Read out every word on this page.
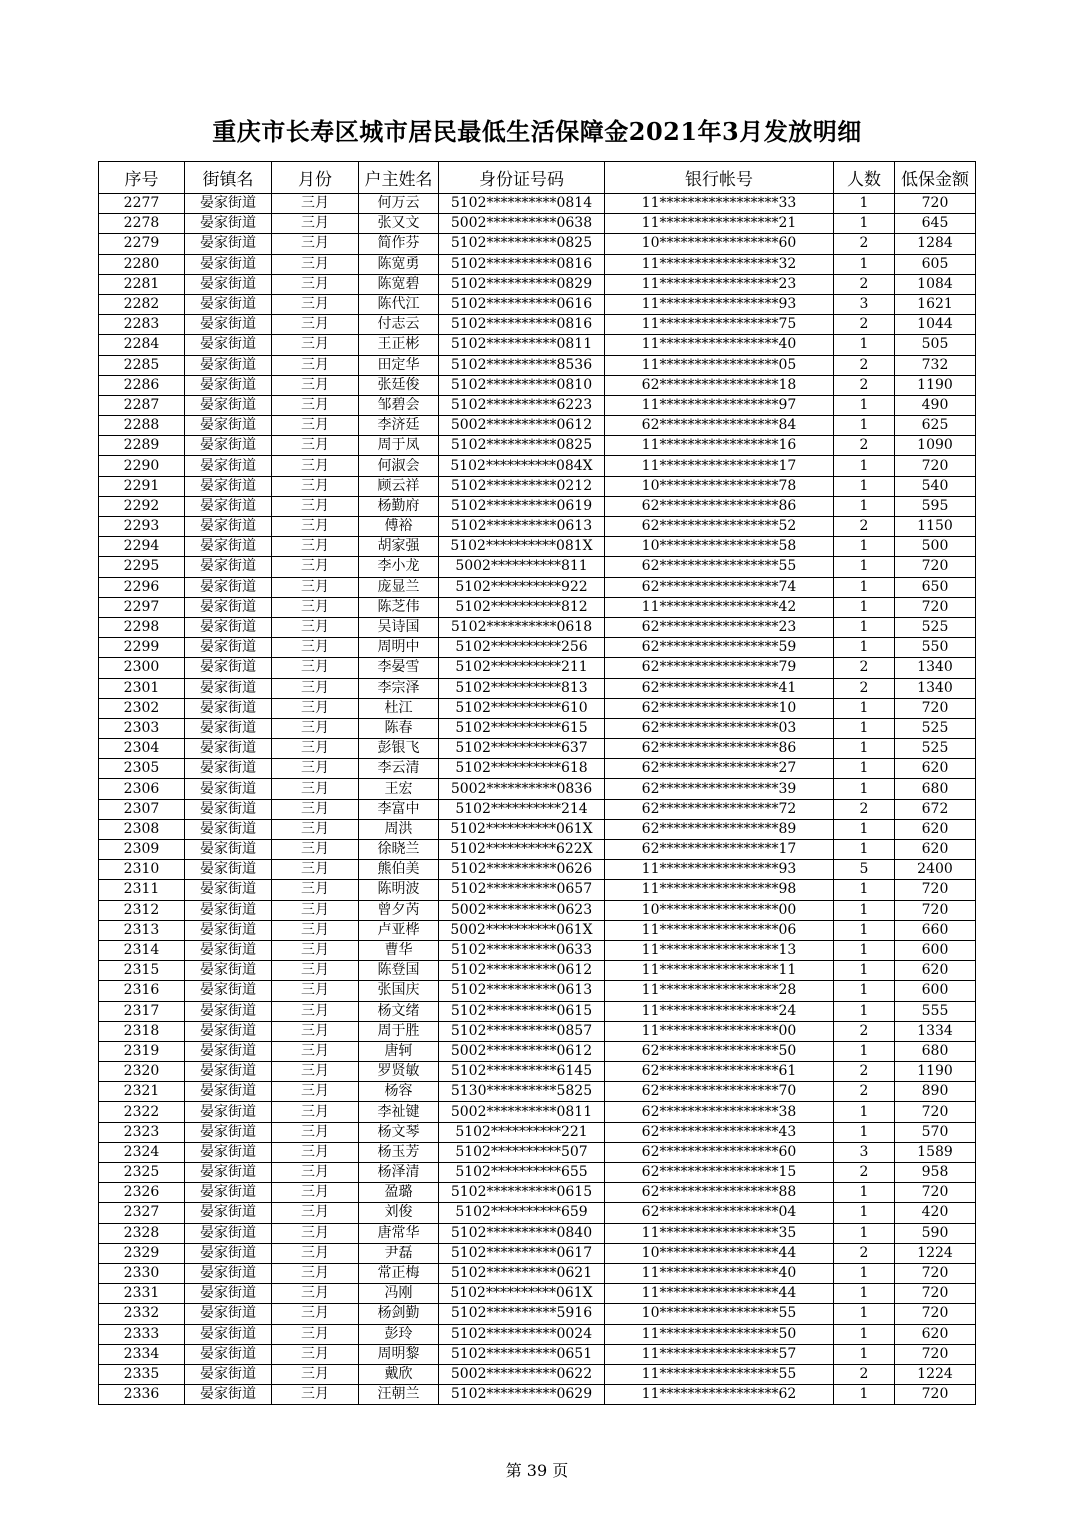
重庆市长寿区城市居民最低生活保障金2021年3月发放明细
序号	街镇名	月份	户主姓名	身份证号码	银行帐号	人数	低保金额
2277	晏家街道	三月	何万云	5102**********0814	11*****************33	1	720
2278	晏家街道	三月	张又文	5002**********0638	11*****************21	1	645
2279	晏家街道	三月	简作芬	5102**********0825	10*****************60	2	1284
2280	晏家街道	三月	陈宽勇	5102**********0816	11*****************32	1	605
2281	晏家街道	三月	陈宽碧	5102**********0829	11*****************23	2	1084
2282	晏家街道	三月	陈代江	5102**********0616	11*****************93	3	1621
2283	晏家街道	三月	付志云	5102**********0816	11*****************75	2	1044
2284	晏家街道	三月	王正彬	5102**********0811	11*****************40	1	505
2285	晏家街道	三月	田定华	5102**********8536	11*****************05	2	732
2286	晏家街道	三月	张廷俊	5102**********0810	62*****************18	2	1190
2287	晏家街道	三月	邹碧会	5102**********6223	11*****************97	1	490
2288	晏家街道	三月	李济廷	5002**********0612	62*****************84	1	625
2289	晏家街道	三月	周于凤	5102**********0825	11*****************16	2	1090
2290	晏家街道	三月	何淑会	5102**********084X	11*****************17	1	720
2291	晏家街道	三月	顾云祥	5102**********0212	10*****************78	1	540
2292	晏家街道	三月	杨勤府	5102**********0619	62*****************86	1	595
2293	晏家街道	三月	傅裕	5102**********0613	62*****************52	2	1150
2294	晏家街道	三月	胡家强	5102**********081X	10*****************58	1	500
2295	晏家街道	三月	李小龙	5002**********811	62*****************55	1	720
2296	晏家街道	三月	庞显兰	5102**********922	62*****************74	1	650
2297	晏家街道	三月	陈芝伟	5102**********812	11*****************42	1	720
2298	晏家街道	三月	吴诗国	5102**********0618	62*****************23	1	525
2299	晏家街道	三月	周明中	5102**********256	62*****************59	1	550
2300	晏家街道	三月	李晏雪	5102**********211	62*****************79	2	1340
2301	晏家街道	三月	李宗泽	5102**********813	62*****************41	2	1340
2302	晏家街道	三月	杜江	5102**********610	62*****************10	1	720
2303	晏家街道	三月	陈春	5102**********615	62*****************03	1	525
2304	晏家街道	三月	彭银飞	5102**********637	62*****************86	1	525
2305	晏家街道	三月	李云清	5102**********618	62*****************27	1	620
2306	晏家街道	三月	王宏	5002**********0836	62*****************39	1	680
2307	晏家街道	三月	李富中	5102**********214	62*****************72	2	672
2308	晏家街道	三月	周洪	5102**********061X	62*****************89	1	620
2309	晏家街道	三月	徐晓兰	5102**********622X	62*****************17	1	620
2310	晏家街道	三月	熊伯美	5102**********0626	11*****************93	5	2400
2311	晏家街道	三月	陈明波	5102**********0657	11*****************98	1	720
2312	晏家街道	三月	曾夕芮	5002**********0623	10*****************00	1	720
2313	晏家街道	三月	卢亚桦	5002**********061X	11*****************06	1	660
2314	晏家街道	三月	曹华	5102**********0633	11*****************13	1	600
2315	晏家街道	三月	陈登国	5102**********0612	11*****************11	1	620
2316	晏家街道	三月	张国庆	5102**********0613	11*****************28	1	600
2317	晏家街道	三月	杨文绪	5102**********0615	11*****************24	1	555
2318	晏家街道	三月	周于胜	5102**********0857	11*****************00	2	1334
2319	晏家街道	三月	唐轲	5002**********0612	62*****************50	1	680
2320	晏家街道	三月	罗贤敏	5102**********6145	62*****************61	2	1190
2321	晏家街道	三月	杨容	5130**********5825	62*****************70	2	890
2322	晏家街道	三月	李祉键	5002**********0811	62*****************38	1	720
2323	晏家街道	三月	杨文琴	5102**********221	62*****************43	1	570
2324	晏家街道	三月	杨玉芳	5102**********507	62*****************60	3	1589
2325	晏家街道	三月	杨泽清	5102**********655	62*****************15	2	958
2326	晏家街道	三月	盈璐	5102**********0615	62*****************88	1	720
2327	晏家街道	三月	刘俊	5102**********659	62*****************04	1	420
2328	晏家街道	三月	唐常华	5102**********0840	11*****************35	1	590
2329	晏家街道	三月	尹磊	5102**********0617	10*****************44	2	1224
2330	晏家街道	三月	常正梅	5102**********0621	11*****************40	1	720
2331	晏家街道	三月	冯刚	5102**********061X	11*****************44	1	720
2332	晏家街道	三月	杨剑勤	5102**********5916	10*****************55	1	720
2333	晏家街道	三月	彭玲	5102**********0024	11*****************50	1	620
2334	晏家街道	三月	周明黎	5102**********0651	11*****************57	1	720
2335	晏家街道	三月	戴欣	5002**********0622	11*****************55	2	1224
2336	晏家街道	三月	汪朝兰	5102**********0629	11*****************62	1	720
第 39 页
